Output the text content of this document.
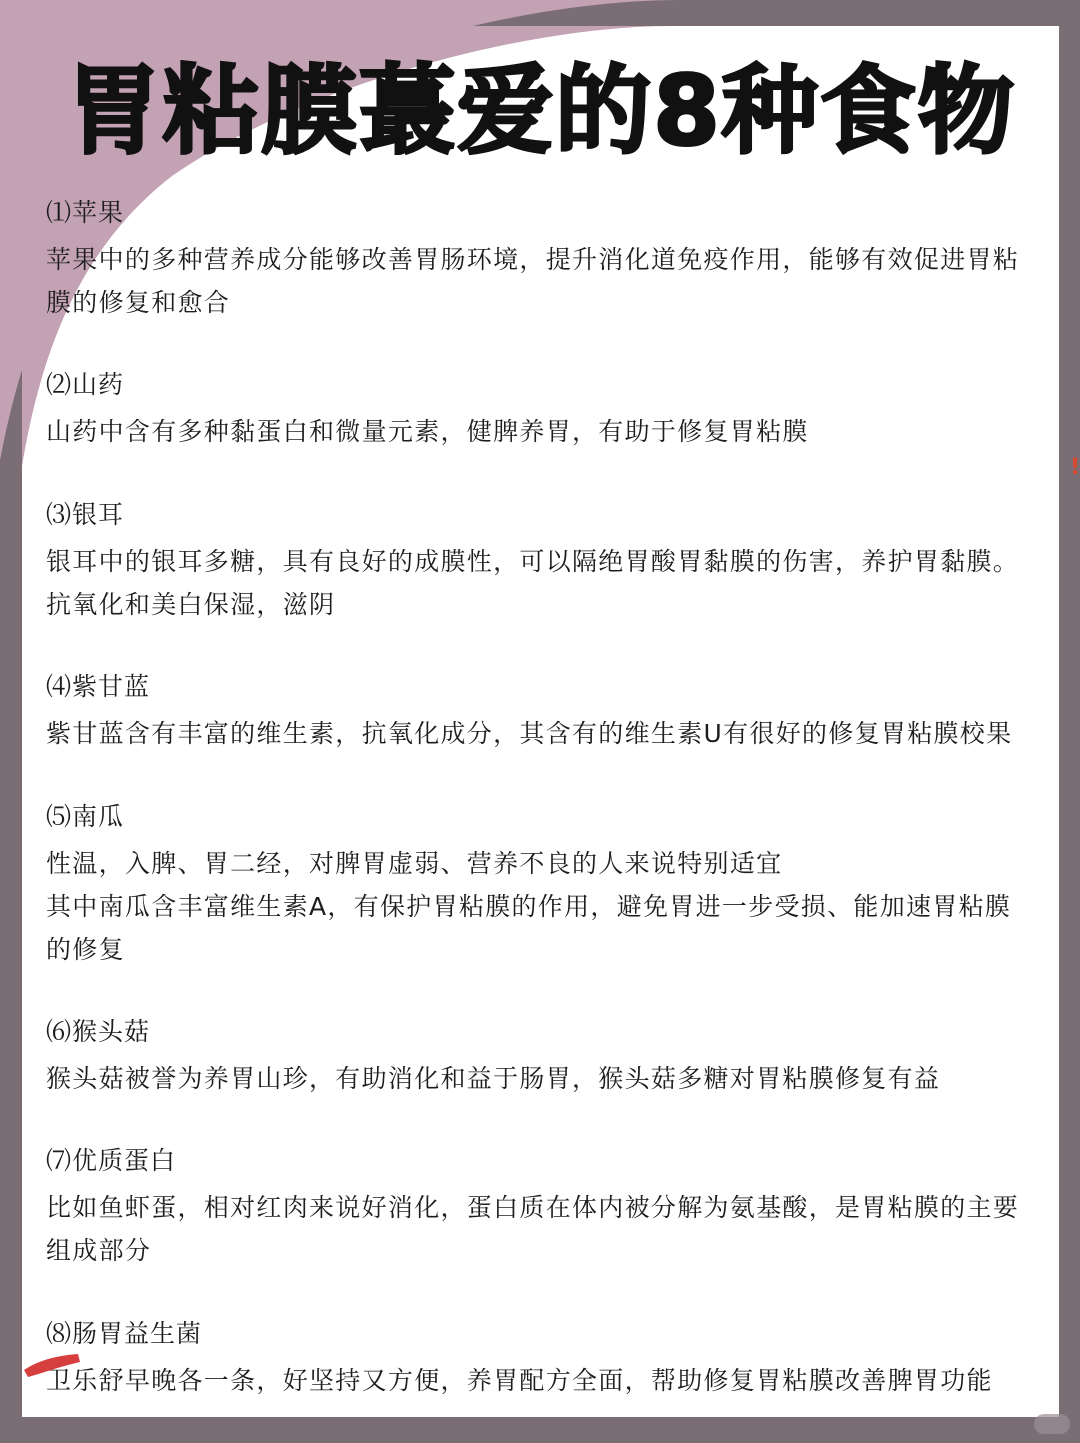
胃粘膜蕞爱的8种食物

⑴苹果

苹果中的多种营养成分能够改善胃肠环境，提升消化道免疫作用，能够有效促进胃粘

膜的修复和愈合

⑵山药

山药中含有多种黏蛋白和微量元素，健脾养胃，有助于修复胃粘膜

⑶银耳

银耳中的银耳多糖，具有良好的成膜性，可以隔绝胃酸胃黏膜的伤害，养护胃黏膜。

抗氧化和美白保湿，滋阴

⑷紫甘蓝

紫甘蓝含有丰富的维生素，抗氧化成分，其含有的维生素U有很好的修复胃粘膜校果

⑸南瓜

性温，入脾、胃二经，对脾胃虚弱、营养不良的人来说特别适宜

其中南瓜含丰富维生素A，有保护胃粘膜的作用，避免胃进一步受损、能加速胃粘膜

的修复

⑹猴头菇

猴头菇被誉为养胃山珍，有助消化和益于肠胃，猴头菇多糖对胃粘膜修复有益

⑺优质蛋白

比如鱼虾蛋，相对红肉来说好消化，蛋白质在体内被分解为氨基酸，是胃粘膜的主要

组成部分

⑻肠胃益生菌

卫乐舒早晚各一条，好坚持又方便，养胃配方全面，帮助修复胃粘膜改善脾胃功能

!
